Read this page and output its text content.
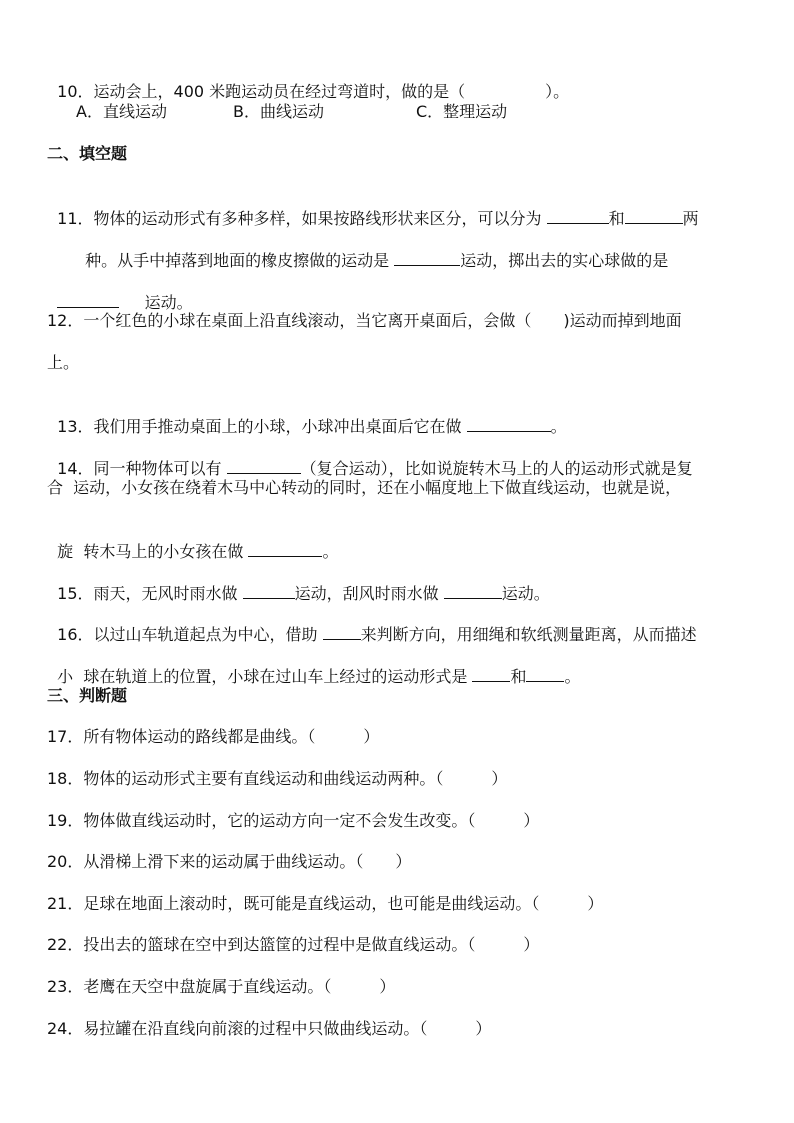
10．运动会上，400 米跑运动员在经过弯道时，做的是（　　　　　）。

A．直线运动	B．曲线运动	C．整理运动
二、填空题

11．物体的运动形式有多种多样，如果按路线形状来区分，可以分为	和	两

种。从手中掉落到地面的橡皮擦做的运动是	运动，掷出去的实心球做的是

运动。

12．一个红色的小球在桌面上沿直线滚动，当它离开桌面后，会做（　　)运动而掉到地面
上。

13．我们用手推动桌面上的小球，小球冲出桌面后它在做	。

14．同一种物体可以有	（复合运动），比如说旋转木马上的人的运动形式就是复

合  运动，小女孩在绕着木马中心转动的同时，还在小幅度地上下做直线运动，也就是说，

旋  转木马上的小女孩在做	。

15．雨天，无风时雨水做	运动，刮风时雨水做	运动。

16．以过山车轨道起点为中心，借助 来判断方向，用细绳和软纸测量距离，从而描述

小  球在轨道上的位置，小球在过山车上经过的运动形式是 和 。

三、判断题
17．所有物体运动的路线都是曲线。（　　　）
18．物体的运动形式主要有直线运动和曲线运动两种。（　　　）
19．物体做直线运动时，它的运动方向一定不会发生改变。（　　　）
20．从滑梯上滑下来的运动属于曲线运动。（　　）
21．足球在地面上滚动时，既可能是直线运动，也可能是曲线运动。（　　　）
22．投出去的篮球在空中到达篮筐的过程中是做直线运动。（　　　）
23．老鹰在天空中盘旋属于直线运动。（　　　）
24．易拉罐在沿直线向前滚的过程中只做曲线运动。（　　　）
